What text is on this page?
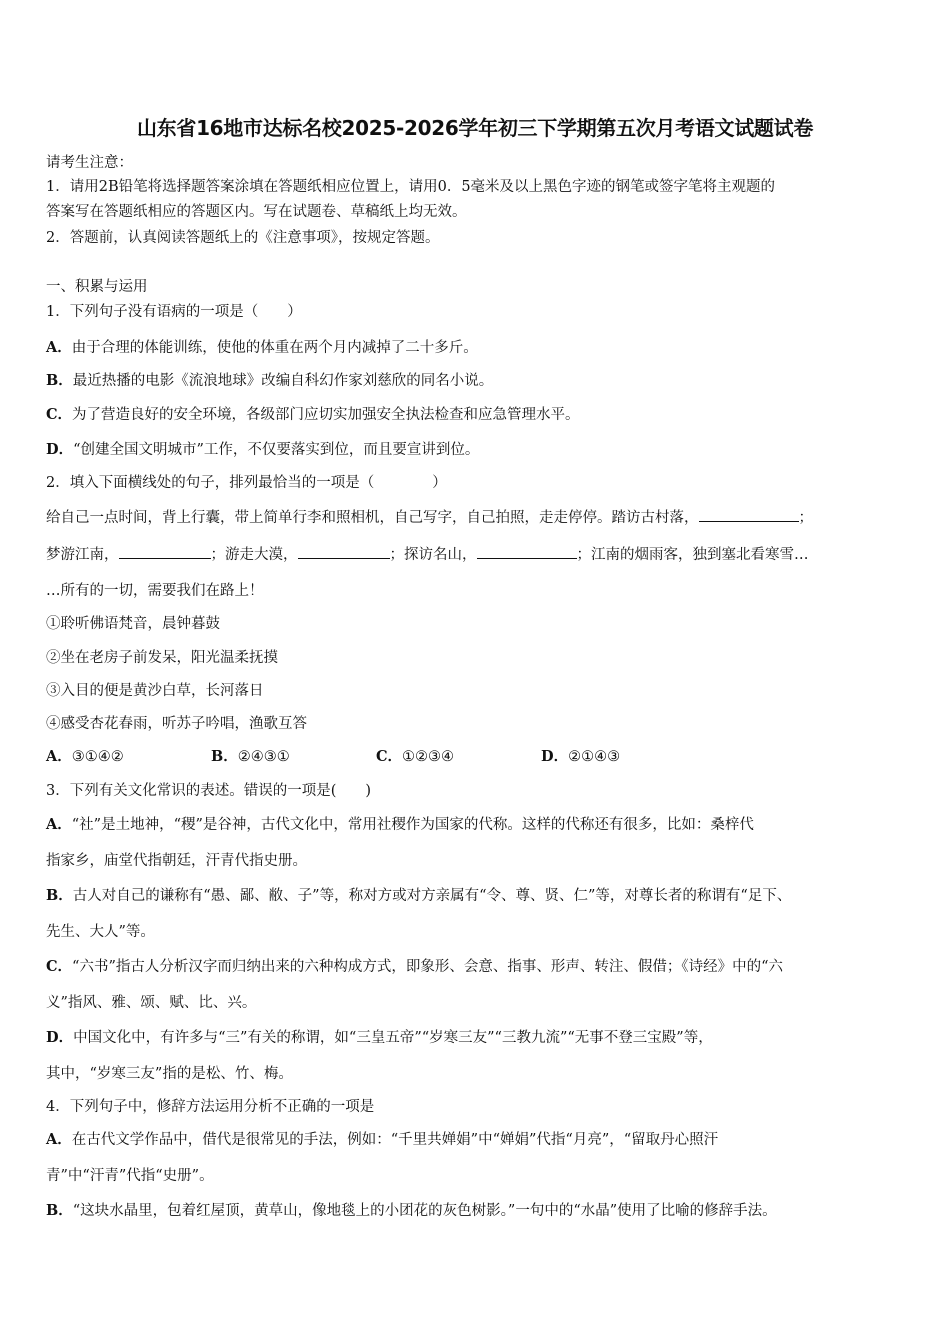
山东省16地市达标名校2025-2026学年初三下学期第五次月考语文试题试卷
请考生注意：
1．请用2B铅笔将选择题答案涂填在答题纸相应位置上，请用0．5毫米及以上黑色字迹的钢笔或签字笔将主观题的
答案写在答题纸相应的答题区内。写在试题卷、草稿纸上均无效。
2．答题前，认真阅读答题纸上的《注意事项》，按规定答题。
一、积累与运用
1．下列句子没有语病的一项是（　　）
A．由于合理的体能训练，使他的体重在两个月内减掉了二十多斤。
B．最近热播的电影《流浪地球》改编自科幻作家刘慈欣的同名小说。
C．为了营造良好的安全环境，各级部门应切实加强安全执法检查和应急管理水平。
D．“创建全国文明城市”工作，不仅要落实到位，而且要宣讲到位。
2．填入下面横线处的句子，排列最恰当的一项是（　　　　）
给自己一点时间，背上行囊，带上简单行李和照相机，自己写字，自己拍照，走走停停。踏访古村落，	；
梦游江南，	；游走大漠，	；探访名山，	；江南的烟雨客，独到塞北看寒雪…
…所有的一切，需要我们在路上！
①聆听佛语梵音，晨钟暮鼓
②坐在老房子前发呆，阳光温柔抚摸
③入目的便是黄沙白草，长河落日
④感受杏花春雨，听苏子吟唱，渔歌互答
A．③①④②	B．②④③①	C．①②③④	D．②①④③
3．下列有关文化常识的表述。错误的一项是(　　)
A．“社”是土地神，“稷”是谷神，古代文化中，常用社稷作为国家的代称。这样的代称还有很多，比如：桑梓代
指家乡，庙堂代指朝廷，汗青代指史册。
B．古人对自己的谦称有“愚、鄙、敝、子”等，称对方或对方亲属有“令、尊、贤、仁”等，对尊长者的称谓有“足下、
先生、大人”等。
C．“六书”指古人分析汉字而归纳出来的六种构成方式，即象形、会意、指事、形声、转注、假借；《诗经》中的“六
义”指风、雅、颂、赋、比、兴。
D．中国文化中，有许多与“三”有关的称谓，如“三皇五帝”“岁寒三友”“三教九流”“无事不登三宝殿”等，
其中，“岁寒三友”指的是松、竹、梅。
4．下列句子中，修辞方法运用分析不正确的一项是
A．在古代文学作品中，借代是很常见的手法，例如：“千里共婵娟”中“婵娟”代指“月亮”，“留取丹心照汗
青”中“汗青”代指“史册”。
B．“这块水晶里，包着红屋顶，黄草山，像地毯上的小团花的灰色树影。”一句中的“水晶”使用了比喻的修辞手法。
